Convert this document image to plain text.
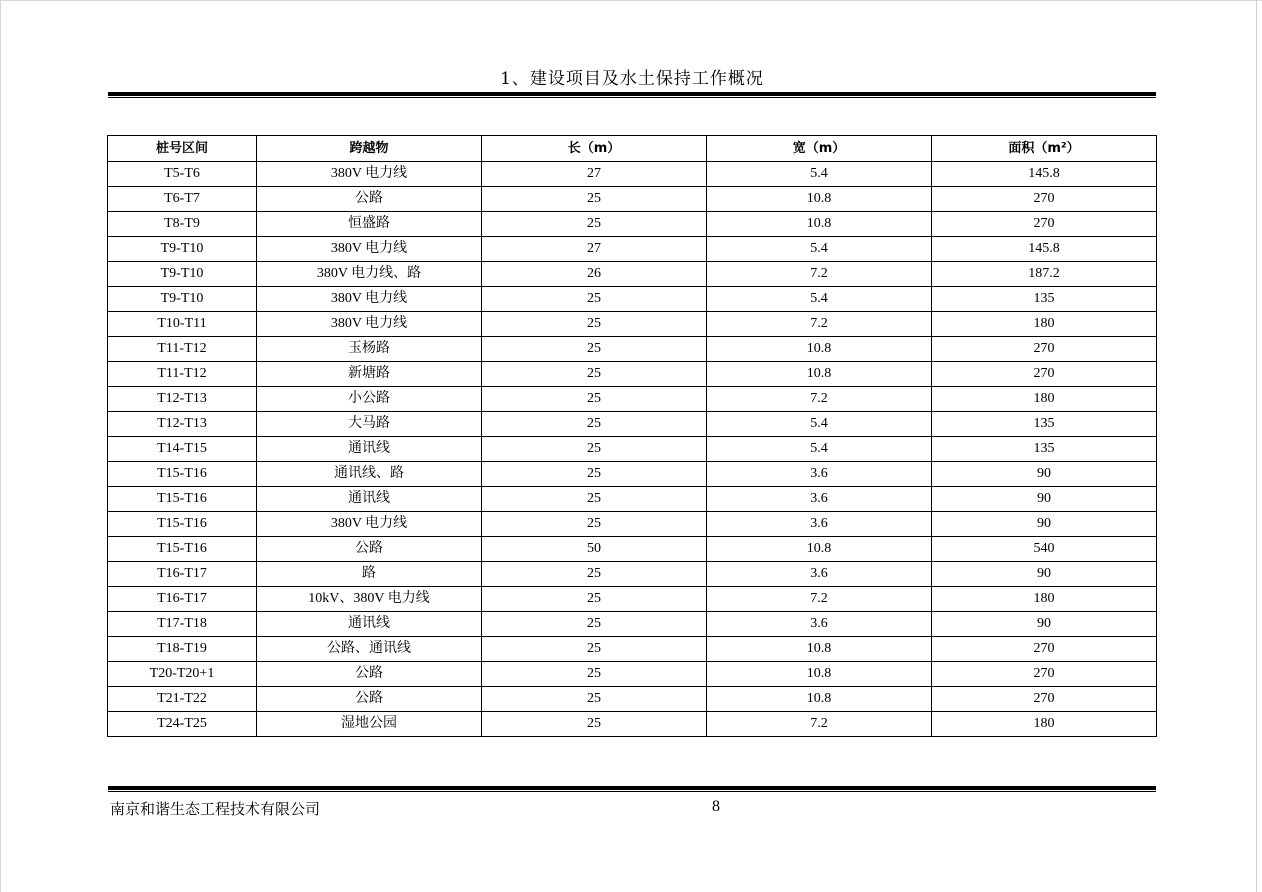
1、建设项目及水土保持工作概况
桩号区间	跨越物	长（m）	宽（m）	面积（m²）
T5-T6	380V 电力线	27	5.4	145.8
T6-T7	公路	25	10.8	270
T8-T9	恒盛路	25	10.8	270
T9-T10	380V 电力线	27	5.4	145.8
T9-T10	380V 电力线、路	26	7.2	187.2
T9-T10	380V 电力线	25	5.4	135
T10-T11	380V 电力线	25	7.2	180
T11-T12	玉杨路	25	10.8	270
T11-T12	新塘路	25	10.8	270
T12-T13	小公路	25	7.2	180
T12-T13	大马路	25	5.4	135
T14-T15	通讯线	25	5.4	135
T15-T16	通讯线、路	25	3.6	90
T15-T16	通讯线	25	3.6	90
T15-T16	380V 电力线	25	3.6	90
T15-T16	公路	50	10.8	540
T16-T17	路	25	3.6	90
T16-T17	10kV、380V 电力线	25	7.2	180
T17-T18	通讯线	25	3.6	90
T18-T19	公路、通讯线	25	10.8	270
T20-T20+1	公路	25	10.8	270
T21-T22	公路	25	10.8	270
T24-T25	湿地公园	25	7.2	180
南京和谐生态工程技术有限公司	8
